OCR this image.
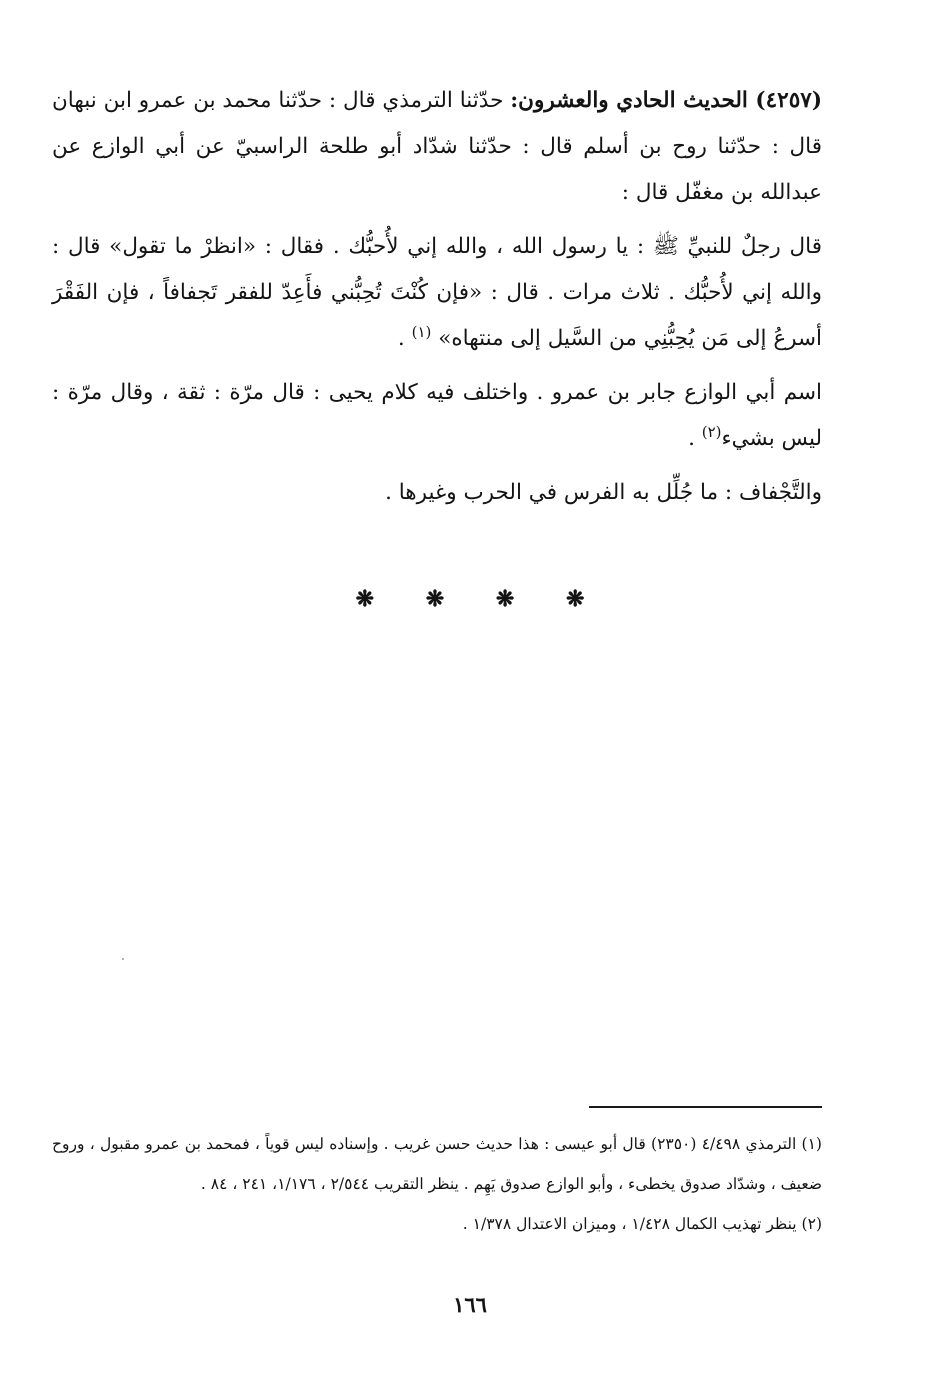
(٤٢٥٧) الحديث الحادي والعشرون: حدّثنا الترمذي قال : حدّثنا محمد بن عمرو ابن نبهان قال : حدّثنا روح بن أسلم قال : حدّثنا شدّاد أبو طلحة الراسبيّ عن أبي الوازع عن عبدالله بن مغفّل قال :
قال رجلٌ للنبيِّ ﷺ : يا رسول الله ، والله إني لأُحبُّك . فقال : «انظرْ ما تقول» قال : والله إني لأُحبُّك . ثلاث مرات . قال : «فإن كُنْتَ تُحِبُّني فأَعِدّ للفقر تَجفافاً ، فإن الفَقْرَ أسرعُ إلى مَن يُحِبُّنِي من السَّيل إلى منتهاه» $^{(١)}$ .
اسم أبي الوازع جابر بن عمرو . واختلف فيه كلام يحيى : قال مرّة : ثقة ، وقال مرّة : ليس بشيء$^{(٢)}$ .
والتَّجْفاف : ما جُلِّل به الفرس في الحرب وغيرها .
❋ ❋ ❋ ❋

(١) الترمذي ٤/٤٩٨ (٢٣٥٠) قال أبو عيسى : هذا حديث حسن غريب . وإسناده ليس قوياً ، فمحمد بن عمرو مقبول ، وروح ضعيف ، وشدّاد صدوق يخطىء ، وأبو الوازع صدوق يَهِم . ينظر التقريب ٢/٥٤٤ ، ١/١٧٦، ٢٤١ ، ٨٤ .

(٢) ينظر تهذيب الكمال ١/٤٢٨ ، وميزان الاعتدال ١/٣٧٨ .

١٦٦
